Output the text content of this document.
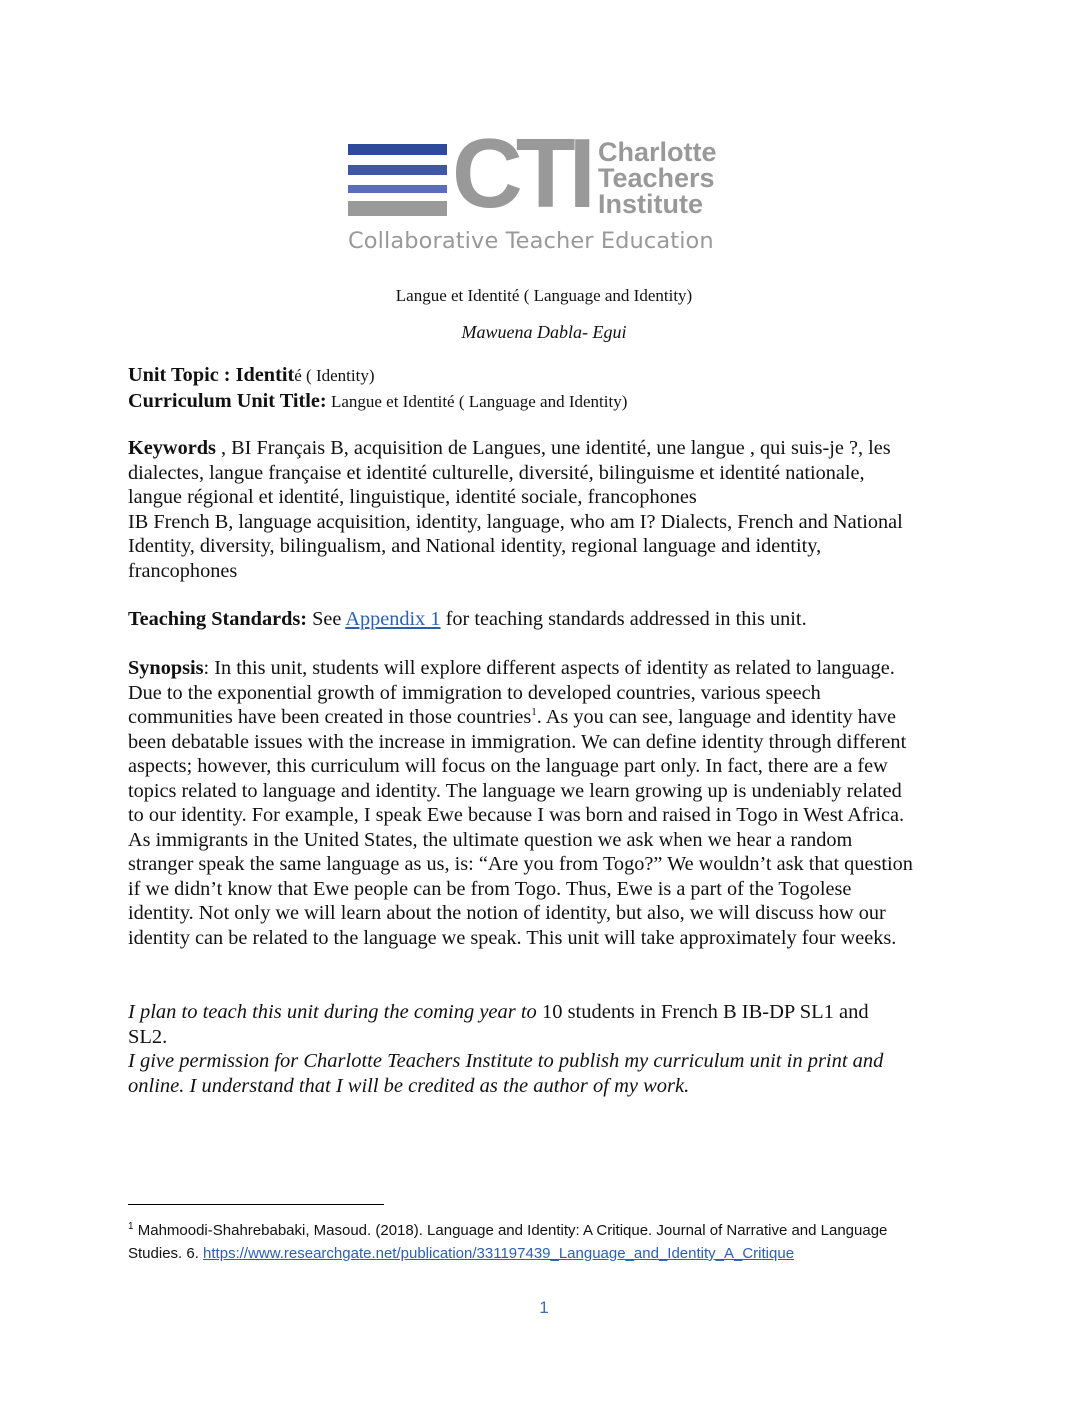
CTI Charlotte
Teachers
Institute
Collaborative Teacher Education
Langue et Identité ( Language and Identity)
Mawuena Dabla- Egui
Unit Topic : Identité ( Identity)
Curriculum Unit Title: Langue et Identité ( Language and Identity)
Keywords , BI Français B, acquisition de Langues, une identité, une langue , qui suis-je ?, les
dialectes, langue française et identité culturelle, diversité, bilinguisme et identité nationale,
langue régional et identité, linguistique, identité sociale, francophones
IB French B, language acquisition, identity, language, who am I? Dialects, French and National
Identity, diversity, bilingualism, and National identity, regional language and identity,
francophones
Teaching Standards: See Appendix 1 for teaching standards addressed in this unit.
Synopsis: In this unit, students will explore different aspects of identity as related to language.
Due to the exponential growth of immigration to developed countries, various speech
communities have been created in those countries$^1$. As you can see, language and identity have
been debatable issues with the increase in immigration. We can define identity through different
aspects; however, this curriculum will focus on the language part only. In fact, there are a few
topics related to language and identity. The language we learn growing up is undeniably related
to our identity. For example, I speak Ewe because I was born and raised in Togo in West Africa.
As immigrants in the United States, the ultimate question we ask when we hear a random
stranger speak the same language as us, is: “Are you from Togo?” We wouldn’t ask that question
if we didn’t know that Ewe people can be from Togo. Thus, Ewe is a part of the Togolese
identity. Not only we will learn about the notion of identity, but also, we will discuss how our
identity can be related to the language we speak. This unit will take approximately four weeks.
I plan to teach this unit during the coming year to 10 students in French B IB-DP SL1 and
SL2.
I give permission for Charlotte Teachers Institute to publish my curriculum unit in print and
online. I understand that I will be credited as the author of my work.
$^1$ Mahmoodi-Shahrebabaki, Masoud. (2018). Language and Identity: A Critique. Journal of Narrative and Language
Studies. 6. https://www.researchgate.net/publication/331197439_Language_and_Identity_A_Critique
1
